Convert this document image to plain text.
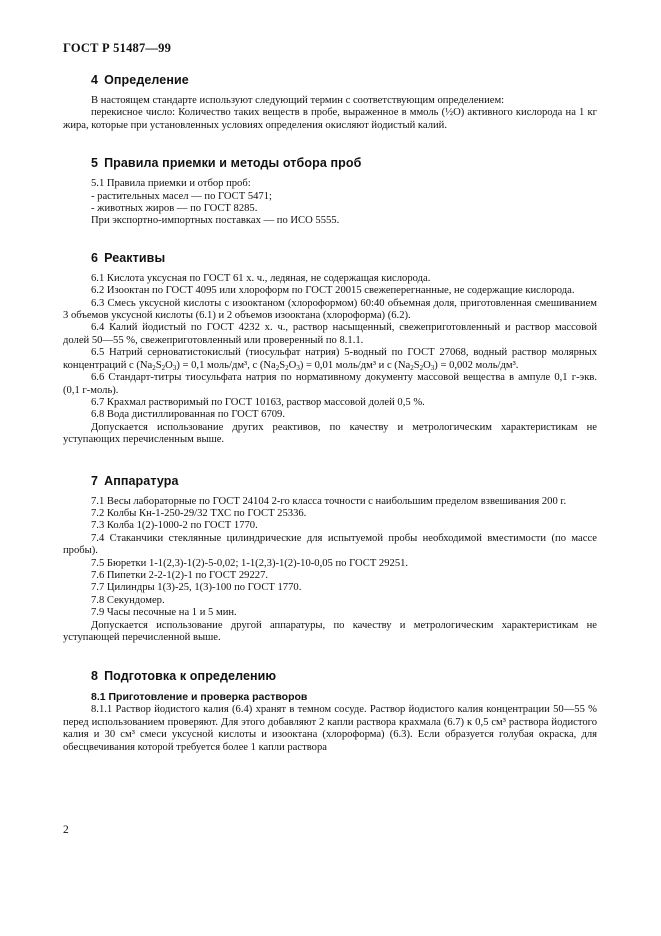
ГОСТ Р 51487—99
4 Определение

В настоящем стандарте используют следующий термин с соответствующим определением:

перекисное число: Количество таких веществ в пробе, выраженное в ммоль (½O) активного кислорода на 1 кг жира, которые при установленных условиях определения окисляют йодистый калий.

5 Правила приемки и методы отбора проб

5.1 Правила приемки и отбор проб:

- растительных масел — по ГОСТ 5471;

- животных жиров — по ГОСТ 8285.

При экспортно-импортных поставках — по ИСО 5555.

6 Реактивы

6.1 Кислота уксусная по ГОСТ 61 х. ч., ледяная, не содержащая кислорода.

6.2 Изооктан по ГОСТ 4095 или хлороформ по ГОСТ 20015 свежеперегнанные, не содержащие кислорода.

6.3 Смесь уксусной кислоты с изооктаном (хлороформом) 60:40 объемная доля, приготовленная смешиванием 3 объемов уксусной кислоты (6.1) и 2 объемов изооктана (хлороформа) (6.2).

6.4 Калий йодистый по ГОСТ 4232 х. ч., раствор насыщенный, свежеприготовленный и раствор массовой долей 50—55 %, свежеприготовленный или проверенный по 8.1.1.

6.5 Натрий серноватистокислый (тиосульфат натрия) 5-водный по ГОСТ 27068, водный раствор молярных концентраций c $(Na_2S_2O_3) = 0,1$ моль/дм³, c $(Na_2S_2O_3) = 0,01$ моль/дм³ и c $(Na_2S_2O_3) = 0,002$ моль/дм³.

6.6 Стандарт-титры тиосульфата натрия по нормативному документу массовой вещества в ампуле 0,1 г-экв. (0,1 г-моль).

6.7 Крахмал растворимый по ГОСТ 10163, раствор массовой долей 0,5 %.

6.8 Вода дистиллированная по ГОСТ 6709.

Допускается использование других реактивов, по качеству и метрологическим характеристикам не уступающих перечисленным выше.

7 Аппаратура

7.1 Весы лабораторные по ГОСТ 24104 2-го класса точности с наибольшим пределом взвешивания 200 г.

7.2 Колбы Кн-1-250-29/32 ТХС по ГОСТ 25336.

7.3 Колба 1(2)-1000-2 по ГОСТ 1770.

7.4 Стаканчики стеклянные цилиндрические для испытуемой пробы необходимой вместимости (по массе пробы).

7.5 Бюретки 1-1(2,3)-1(2)-5-0,02; 1-1(2,3)-1(2)-10-0,05 по ГОСТ 29251.

7.6 Пипетки 2-2-1(2)-1 по ГОСТ 29227.

7.7 Цилиндры 1(3)-25, 1(3)-100 по ГОСТ 1770.

7.8 Секундомер.

7.9 Часы песочные на 1 и 5 мин.

Допускается использование другой аппаратуры, по качеству и метрологическим характеристикам не уступающей перечисленной выше.

8 Подготовка к определению
8.1 Приготовление и проверка растворов

8.1.1 Раствор йодистого калия (6.4) хранят в темном сосуде. Раствор йодистого калия концентрации 50—55 % перед использованием проверяют. Для этого добавляют 2 капли раствора крахмала (6.7) к 0,5 см³ раствора йодистого калия и 30 см³ смеси уксусной кислоты и изооктана (хлороформа) (6.3). Если образуется голубая окраска, для обесцвечивания которой требуется более 1 капли раствора

2
